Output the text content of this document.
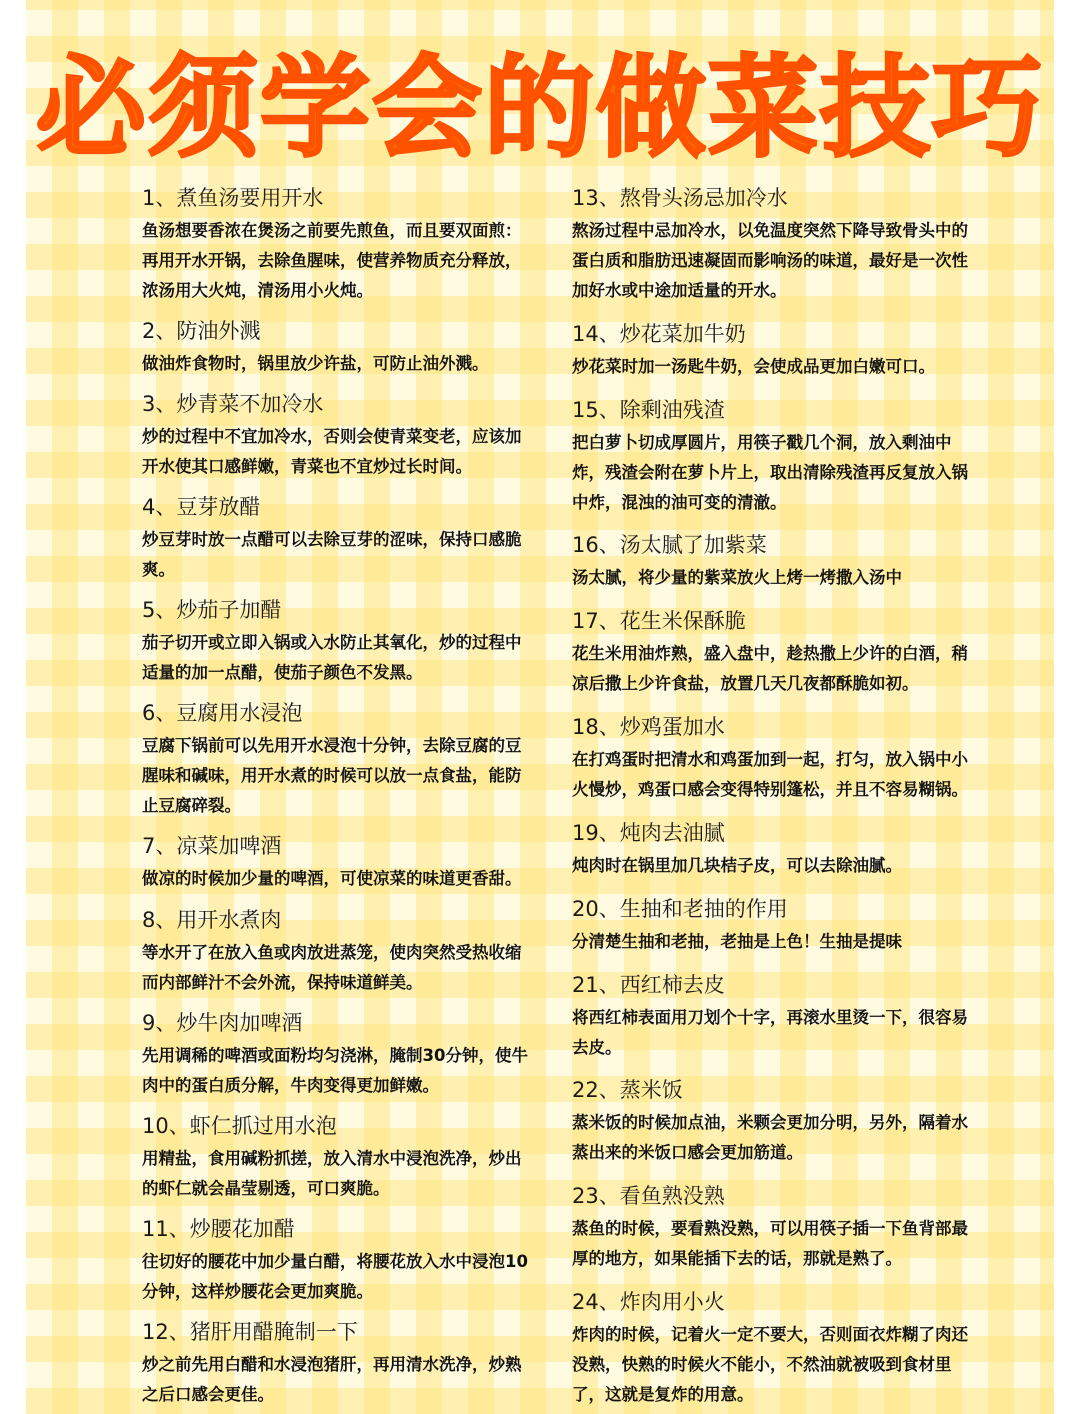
必须学会的做菜技巧
1、煮鱼汤要用开水
鱼汤想要香浓在煲汤之前要先煎鱼，而且要双面煎：再用开水开锅，去除鱼腥味，使营养物质充分释放，浓汤用大火炖，清汤用小火炖。
2、防油外溅
做油炸食物时，锅里放少许盐，可防止油外溅。
3、炒青菜不加冷水
炒的过程中不宜加冷水，否则会使青菜变老，应该加开水使其口感鲜嫩，青菜也不宜炒过长时间。
4、豆芽放醋
炒豆芽时放一点醋可以去除豆芽的涩味，保持口感脆爽。
5、炒茄子加醋
茄子切开或立即入锅或入水防止其氧化，炒的过程中适量的加一点醋，使茄子颜色不发黑。
6、豆腐用水浸泡
豆腐下锅前可以先用开水浸泡十分钟，去除豆腐的豆腥味和碱味，用开水煮的时候可以放一点食盐，能防止豆腐碎裂。
7、凉菜加啤酒
做凉的时候加少量的啤酒，可使凉菜的味道更香甜。
8、用开水煮肉
等水开了在放入鱼或肉放进蒸笼，使肉突然受热收缩而内部鲜汁不会外流，保持味道鲜美。
9、炒牛肉加啤酒
先用调稀的啤酒或面粉均匀浇淋，腌制30分钟，使牛肉中的蛋白质分解，牛肉变得更加鲜嫩。
10、虾仁抓过用水泡
用精盐，食用碱粉抓搓，放入清水中浸泡洗净，炒出的虾仁就会晶莹剔透，可口爽脆。
11、炒腰花加醋
往切好的腰花中加少量白醋，将腰花放入水中浸泡10分钟，这样炒腰花会更加爽脆。
12、猪肝用醋腌制一下
炒之前先用白醋和水浸泡猪肝，再用清水洗净，炒熟之后口感会更佳。
13、熬骨头汤忌加冷水
熬汤过程中忌加冷水，以免温度突然下降导致骨头中的蛋白质和脂肪迅速凝固而影响汤的味道，最好是一次性加好水或中途加适量的开水。
14、炒花菜加牛奶
炒花菜时加一汤匙牛奶，会使成品更加白嫩可口。
15、除剩油残渣
把白萝卜切成厚圆片，用筷子戳几个洞，放入剩油中炸，残渣会附在萝卜片上，取出清除残渣再反复放入锅中炸，混浊的油可变的清澈。
16、汤太腻了加紫菜
汤太腻，将少量的紫菜放火上烤一烤撒入汤中
17、花生米保酥脆
花生米用油炸熟，盛入盘中，趁热撒上少许的白酒，稍凉后撒上少许食盐，放置几天几夜都酥脆如初。
18、炒鸡蛋加水
在打鸡蛋时把清水和鸡蛋加到一起，打匀，放入锅中小火慢炒，鸡蛋口感会变得特别篷松，并且不容易糊锅。
19、炖肉去油腻
炖肉时在锅里加几块桔子皮，可以去除油腻。
20、生抽和老抽的作用
分清楚生抽和老抽，老抽是上色！生抽是提味
21、西红柿去皮
将西红柿表面用刀划个十字，再滚水里烫一下，很容易去皮。
22、蒸米饭
蒸米饭的时候加点油，米颗会更加分明，另外，隔着水蒸出来的米饭口感会更加筋道。
23、看鱼熟没熟
蒸鱼的时候，要看熟没熟，可以用筷子插一下鱼背部最厚的地方，如果能插下去的话，那就是熟了。
24、炸肉用小火
炸肉的时候，记着火一定不要大，否则面衣炸糊了肉还没熟，快熟的时候火不能小，不然油就被吸到食材里了，这就是复炸的用意。
